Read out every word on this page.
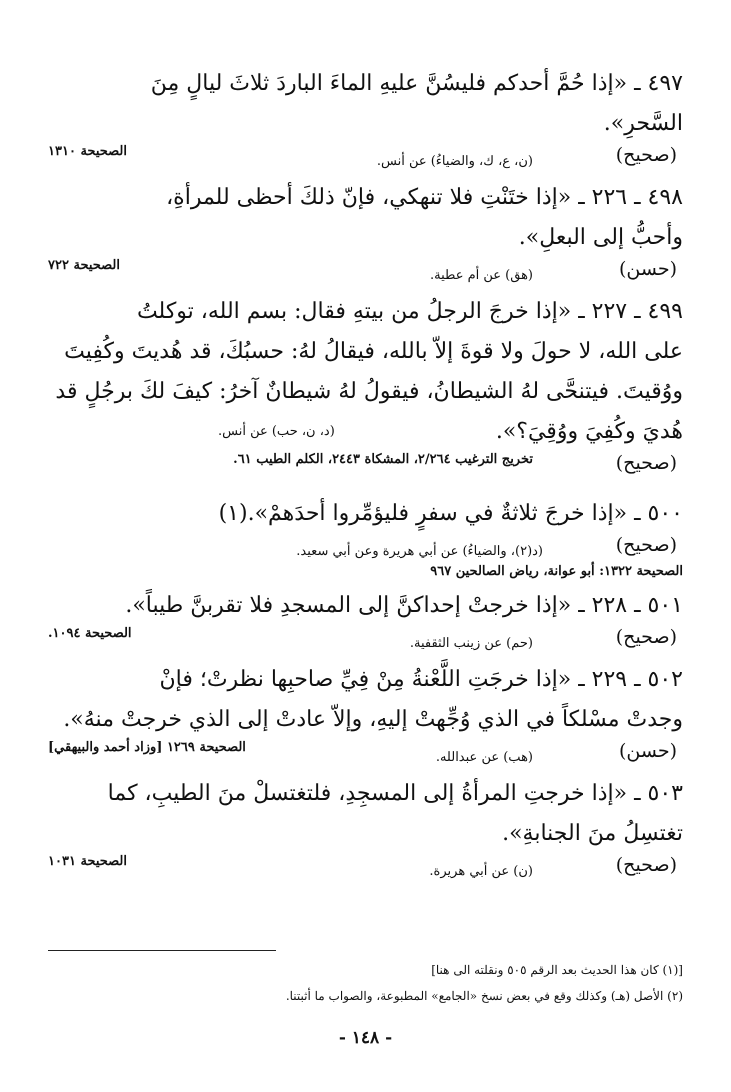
٤٩٧ ـ «إذا حُمَّ أحدكم فليسُنَّ عليهِ الماءَ الباردَ ثلاثَ ليالٍ مِنَ
السَّحرِ».
(صحيح)
(ن، ع، ك، والضياءُ) عن أنس.
الصحيحة ١٣١٠
٤٩٨ ـ ٢٢٦ ـ «إذا ختَنْتِ فلا تنهكي، فإنّ ذلكَ أحظى للمرأةِ،
وأحبُّ إلى البعلِ».
(حسن)
(هق) عن أم عطية.
الصحيحة ٧٢٢
٤٩٩ ـ ٢٢٧ ـ «إذا خرجَ الرجلُ من بيتهِ فقال: بسم الله، توكلتُ
على الله، لا حولَ ولا قوةَ إلاّ بالله، فيقالُ لهُ: حسبُكَ، قد هُديتَ وكُفِيتَ
ووُقيتَ. فيتنحَّى لهُ الشيطانُ، فيقولُ لهُ شيطانٌ آخرُ: كيفَ لكَ برجُلٍ قد
هُديَ وكُفِيَ ووُقِيَ؟».
(د، ن، حب) عن أنس.
(صحيح)
تخريج الترغيب ٢/٢٦٤، المشكاة ٢٤٤٣، الكلم الطيب ٦١.
٥٠٠ ـ «إذا خرجَ ثلاثةٌ في سفرٍ فليؤمِّروا أحدَهمْ».(١)
(صحيح)
(د(٢)، والضياءُ) عن أبي هريرة وعن أبي سعيد.
الصحيحة ١٣٢٢: أبو عوانة، رياض الصالحين ٩٦٧
٥٠١ ـ ٢٢٨ ـ «إذا خرجتْ إحداكنَّ إلى المسجدِ فلا تقربنَّ طيباً».
(صحيح)
(حم) عن زينب الثقفية.
الصحيحة ١٠٩٤.
٥٠٢ ـ ٢٢٩ ـ «إذا خرجَتِ اللَّعْنةُ مِنْ فِيِّ صاحبِها نظرتْ؛ فإنْ
وجدتْ مسْلكاً في الذي وُجِّهتْ إليهِ، وإلاّ عادتْ إلى الذي خرجتْ منهُ».
(حسن)
(هب) عن عبدالله.
الصحيحة ١٢٦٩ [وزاد أحمد والبيهقي]
٥٠٣ ـ «إذا خرجتِ المرأةُ إلى المسجِدِ، فلتغتسلْ منَ الطيبِ، كما
تغتسِلُ منَ الجنابةِ».
(صحيح)
(ن) عن أبي هريرة.
الصحيحة ١٠٣١
[(١) كان هذا الحديث بعد الرقم ٥٠٥ ونقلته الى هنا]
(٢) الأصل (هـ) وكذلك وقع في بعض نسخ «الجامع» المطبوعة، والصواب ما أثبتنا.
- ١٤٨ -
